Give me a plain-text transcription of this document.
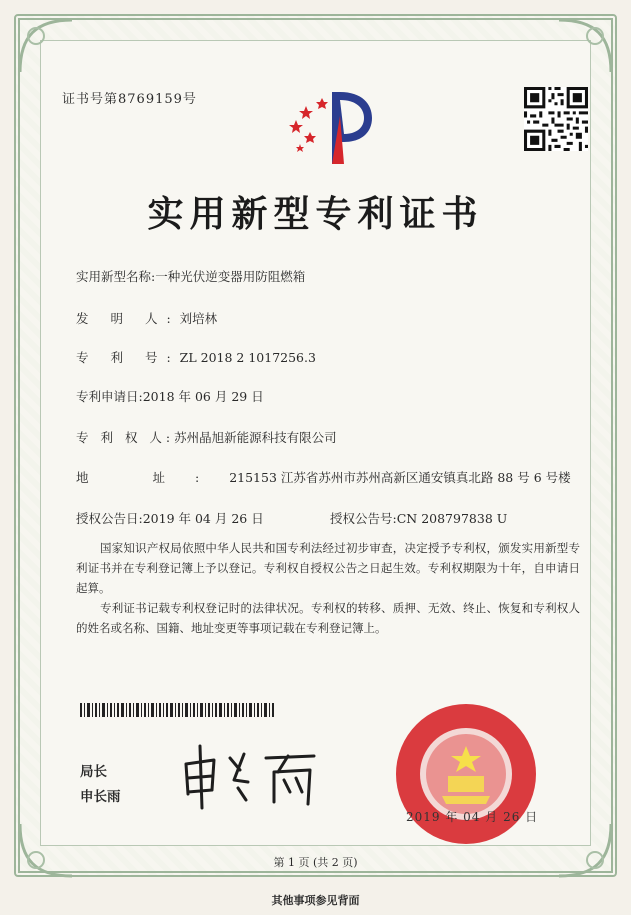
证书号第8769159号
实用新型专利证书
实用新型名称:一种光伏逆变器用防阻燃箱
发 明 人:刘培林
专 利 号:ZL 2018 2 1017256.3
专利申请日:2018 年 06 月 29 日
专 利 权 人:苏州晶旭新能源科技有限公司
地 址:215153 江苏省苏州市苏州高新区通安镇真北路 88 号 6 号楼
授权公告日:2019 年 04 月 26 日	授权公告号:CN 208797838 U
国家知识产权局依照中华人民共和国专利法经过初步审查，决定授予专利权，颁发实用新型专利证书并在专利登记簿上予以登记。专利权自授权公告之日起生效。专利权期限为十年，自申请日起算。
专利证书记载专利权登记时的法律状况。专利权的转移、质押、无效、终止、恢复和专利权人的姓名或名称、国籍、地址变更等事项记载在专利登记簿上。
局长
申长雨
2019 年 04 月 26 日
第 1 页 (共 2 页)
其他事项参见背面
